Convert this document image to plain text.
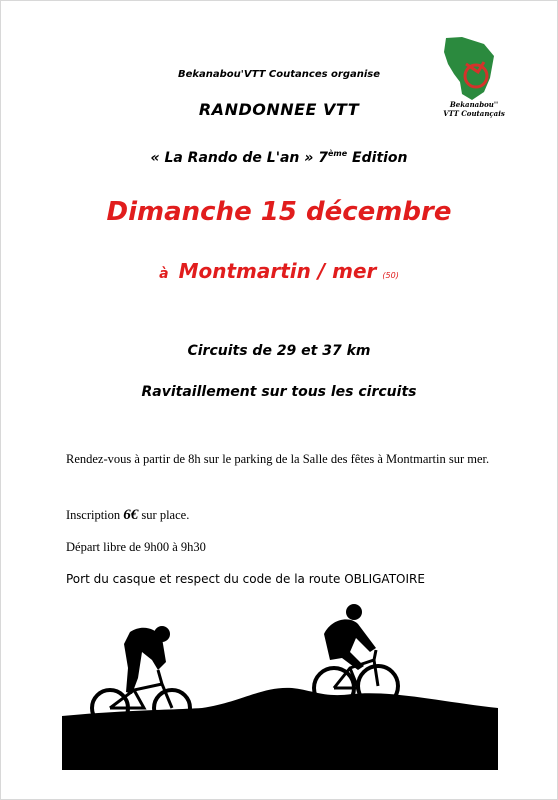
Bekanabou''
VTT Coutançais
Bekanabou'VTT Coutances organise
RANDONNEE VTT
« La Rando de L'an » 7ème Edition
Dimanche 15 décembre
à Montmartin / mer (50)
Circuits de 29 et 37 km
Ravitaillement sur tous les circuits
Rendez-vous à partir de 8h sur le parking de la Salle des fêtes à Montmartin sur mer.
Inscription 6€ sur place.
Départ libre de 9h00 à 9h30
Port du casque et respect du code de la route OBLIGATOIRE
